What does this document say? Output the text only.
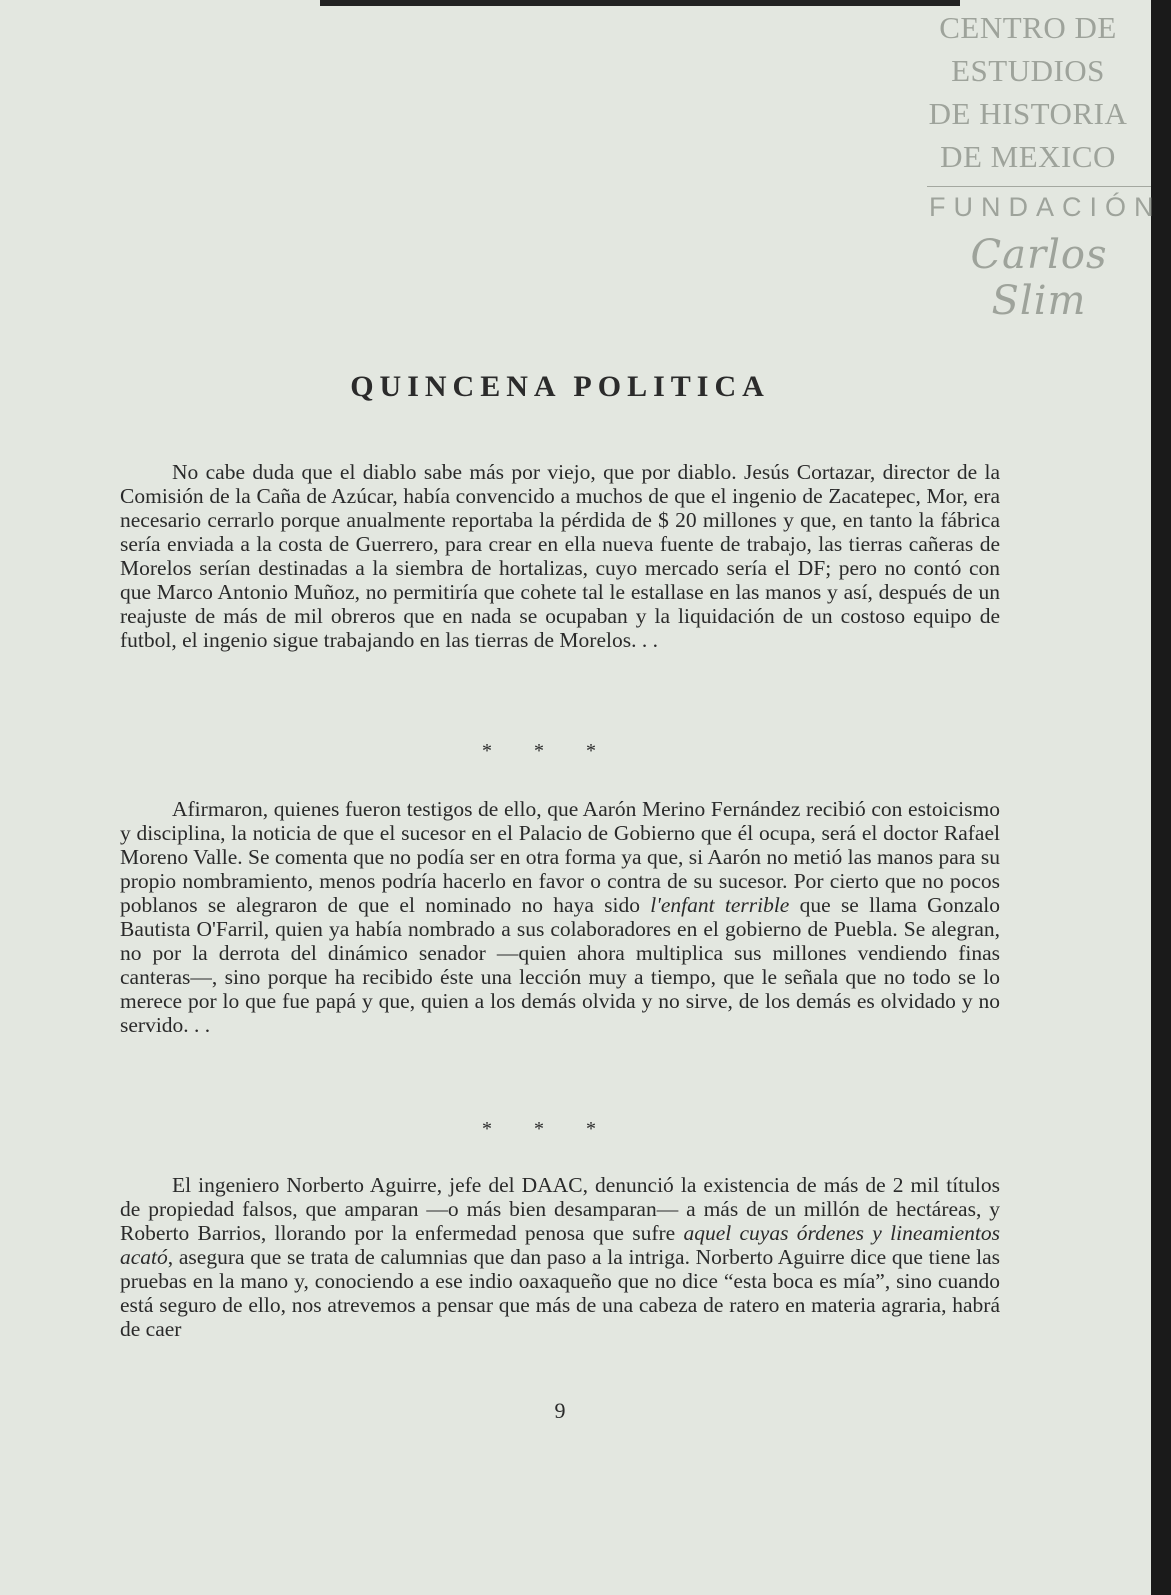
CENTRO DE
ESTUDIOS
DE HISTORIA
DE MEXICO
FUNDACIÓN
Carlos Slim
QUINCENA POLITICA

No cabe duda que el diablo sabe más por viejo, que por diablo. Jesús Cortazar, director de la Comisión de la Caña de Azúcar, había convencido a muchos de que el ingenio de Zacatepec, Mor, era necesario cerrarlo porque anualmente reportaba la pérdida de $ 20 millones y que, en tanto la fábrica sería enviada a la costa de Guerrero, para crear en ella nueva fuente de trabajo, las tierras cañeras de Morelos serían destinadas a la siembra de hortalizas, cuyo mercado sería el DF; pero no contó con que Marco Antonio Muñoz, no permitiría que cohete tal le estallase en las manos y así, después de un reajuste de más de mil obreros que en nada se ocupaban y la liquidación de un costoso equipo de futbol, el ingenio sigue trabajando en las tierras de Morelos. . .

***

Afirmaron, quienes fueron testigos de ello, que Aarón Merino Fernández recibió con estoicismo y disciplina, la noticia de que el sucesor en el Palacio de Gobierno que él ocupa, será el doctor Rafael Moreno Valle. Se comenta que no podía ser en otra forma ya que, si Aarón no metió las manos para su propio nombramiento, menos podría hacerlo en favor o contra de su sucesor. Por cierto que no pocos poblanos se alegraron de que el nominado no haya sido l'enfant terrible que se llama Gonzalo Bautista O'Farril, quien ya había nombrado a sus colaboradores en el gobierno de Puebla. Se alegran, no por la derrota del dinámico senador —quien ahora multiplica sus millones vendiendo finas canteras—, sino porque ha recibido éste una lección muy a tiempo, que le señala que no todo se lo merece por lo que fue papá y que, quien a los demás olvida y no sirve, de los demás es olvidado y no servido. . .

***

El ingeniero Norberto Aguirre, jefe del DAAC, denunció la existencia de más de 2 mil títulos de propiedad falsos, que amparan —o más bien desamparan— a más de un millón de hectáreas, y Roberto Barrios, llorando por la enfermedad penosa que sufre aquel cuyas órdenes y lineamientos acató, asegura que se trata de calumnias que dan paso a la intriga. Norberto Aguirre dice que tiene las pruebas en la mano y, conociendo a ese indio oaxaqueño que no dice “esta boca es mía”, sino cuando está seguro de ello, nos atrevemos a pensar que más de una cabeza de ratero en materia agraria, habrá de caer

9
